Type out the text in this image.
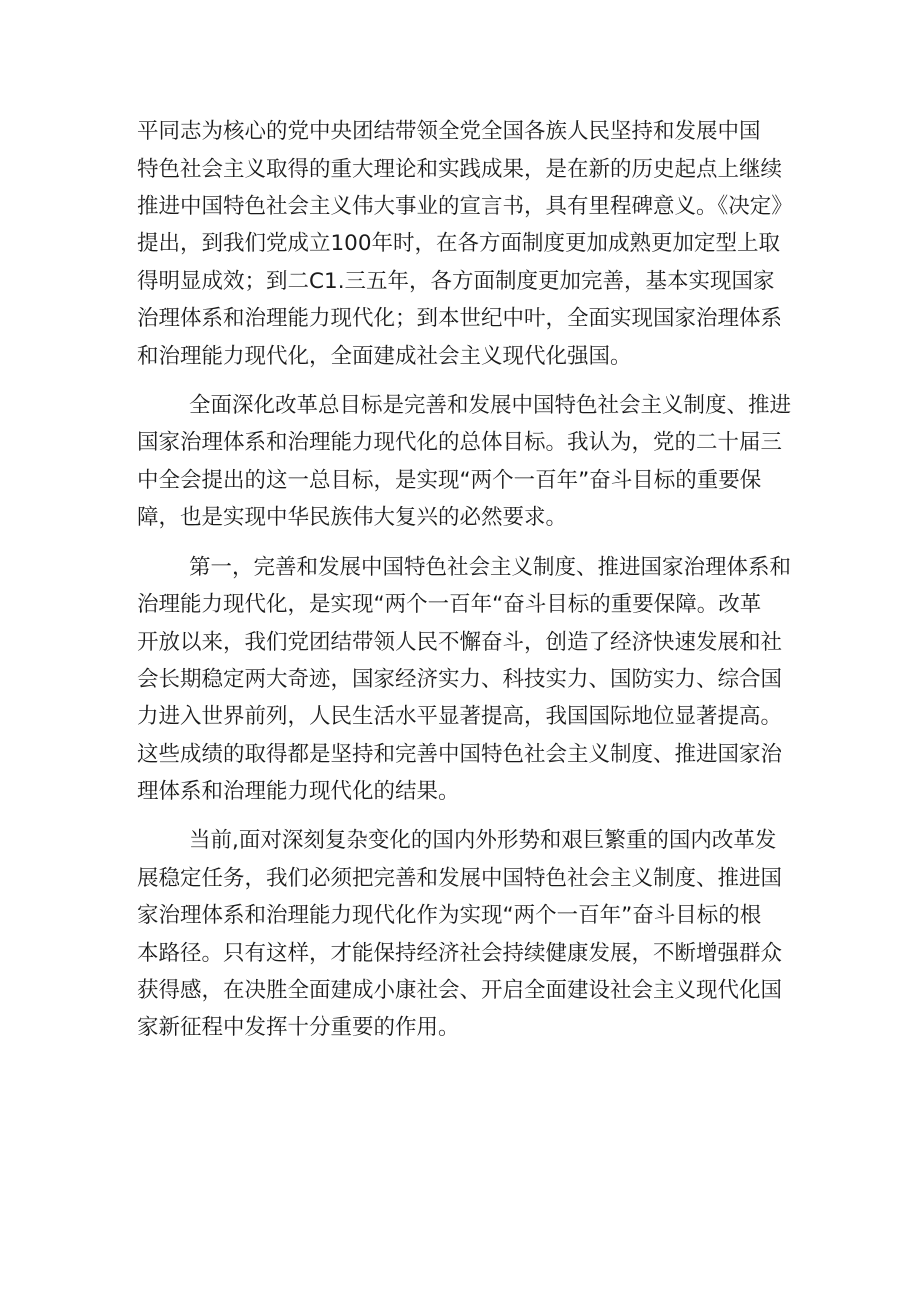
平同志为核心的党中央团结带领全党全国各族人民坚持和发展中国
特色社会主义取得的重大理论和实践成果，是在新的历史起点上继续
推进中国特色社会主义伟大事业的宣言书，具有里程碑意义。《决定》
提出，到我们党成立100年时，在各方面制度更加成熟更加定型上取
得明显成效；到二C1.三五年，各方面制度更加完善，基本实现国家
治理体系和治理能力现代化；到本世纪中叶，全面实现国家治理体系
和治理能力现代化，全面建成社会主义现代化强国。
全面深化改革总目标是完善和发展中国特色社会主义制度、推进
国家治理体系和治理能力现代化的总体目标。我认为，党的二十届三
中全会提出的这一总目标，是实现“两个一百年”奋斗目标的重要保
障，也是实现中华民族伟大复兴的必然要求。
第一，完善和发展中国特色社会主义制度、推进国家治理体系和
治理能力现代化，是实现“两个一百年“奋斗目标的重要保障。改革
开放以来，我们党团结带领人民不懈奋斗，创造了经济快速发展和社
会长期稳定两大奇迹，国家经济实力、科技实力、国防实力、综合国
力进入世界前列，人民生活水平显著提高，我国国际地位显著提高。
这些成绩的取得都是坚持和完善中国特色社会主义制度、推进国家治
理体系和治理能力现代化的结果。
当前,面对深刻复杂变化的国内外形势和艰巨繁重的国内改革发
展稳定任务，我们必须把完善和发展中国特色社会主义制度、推进国
家治理体系和治理能力现代化作为实现“两个一百年”奋斗目标的根
本路径。只有这样，才能保持经济社会持续健康发展，不断增强群众
获得感，在决胜全面建成小康社会、开启全面建设社会主义现代化国
家新征程中发挥十分重要的作用。
